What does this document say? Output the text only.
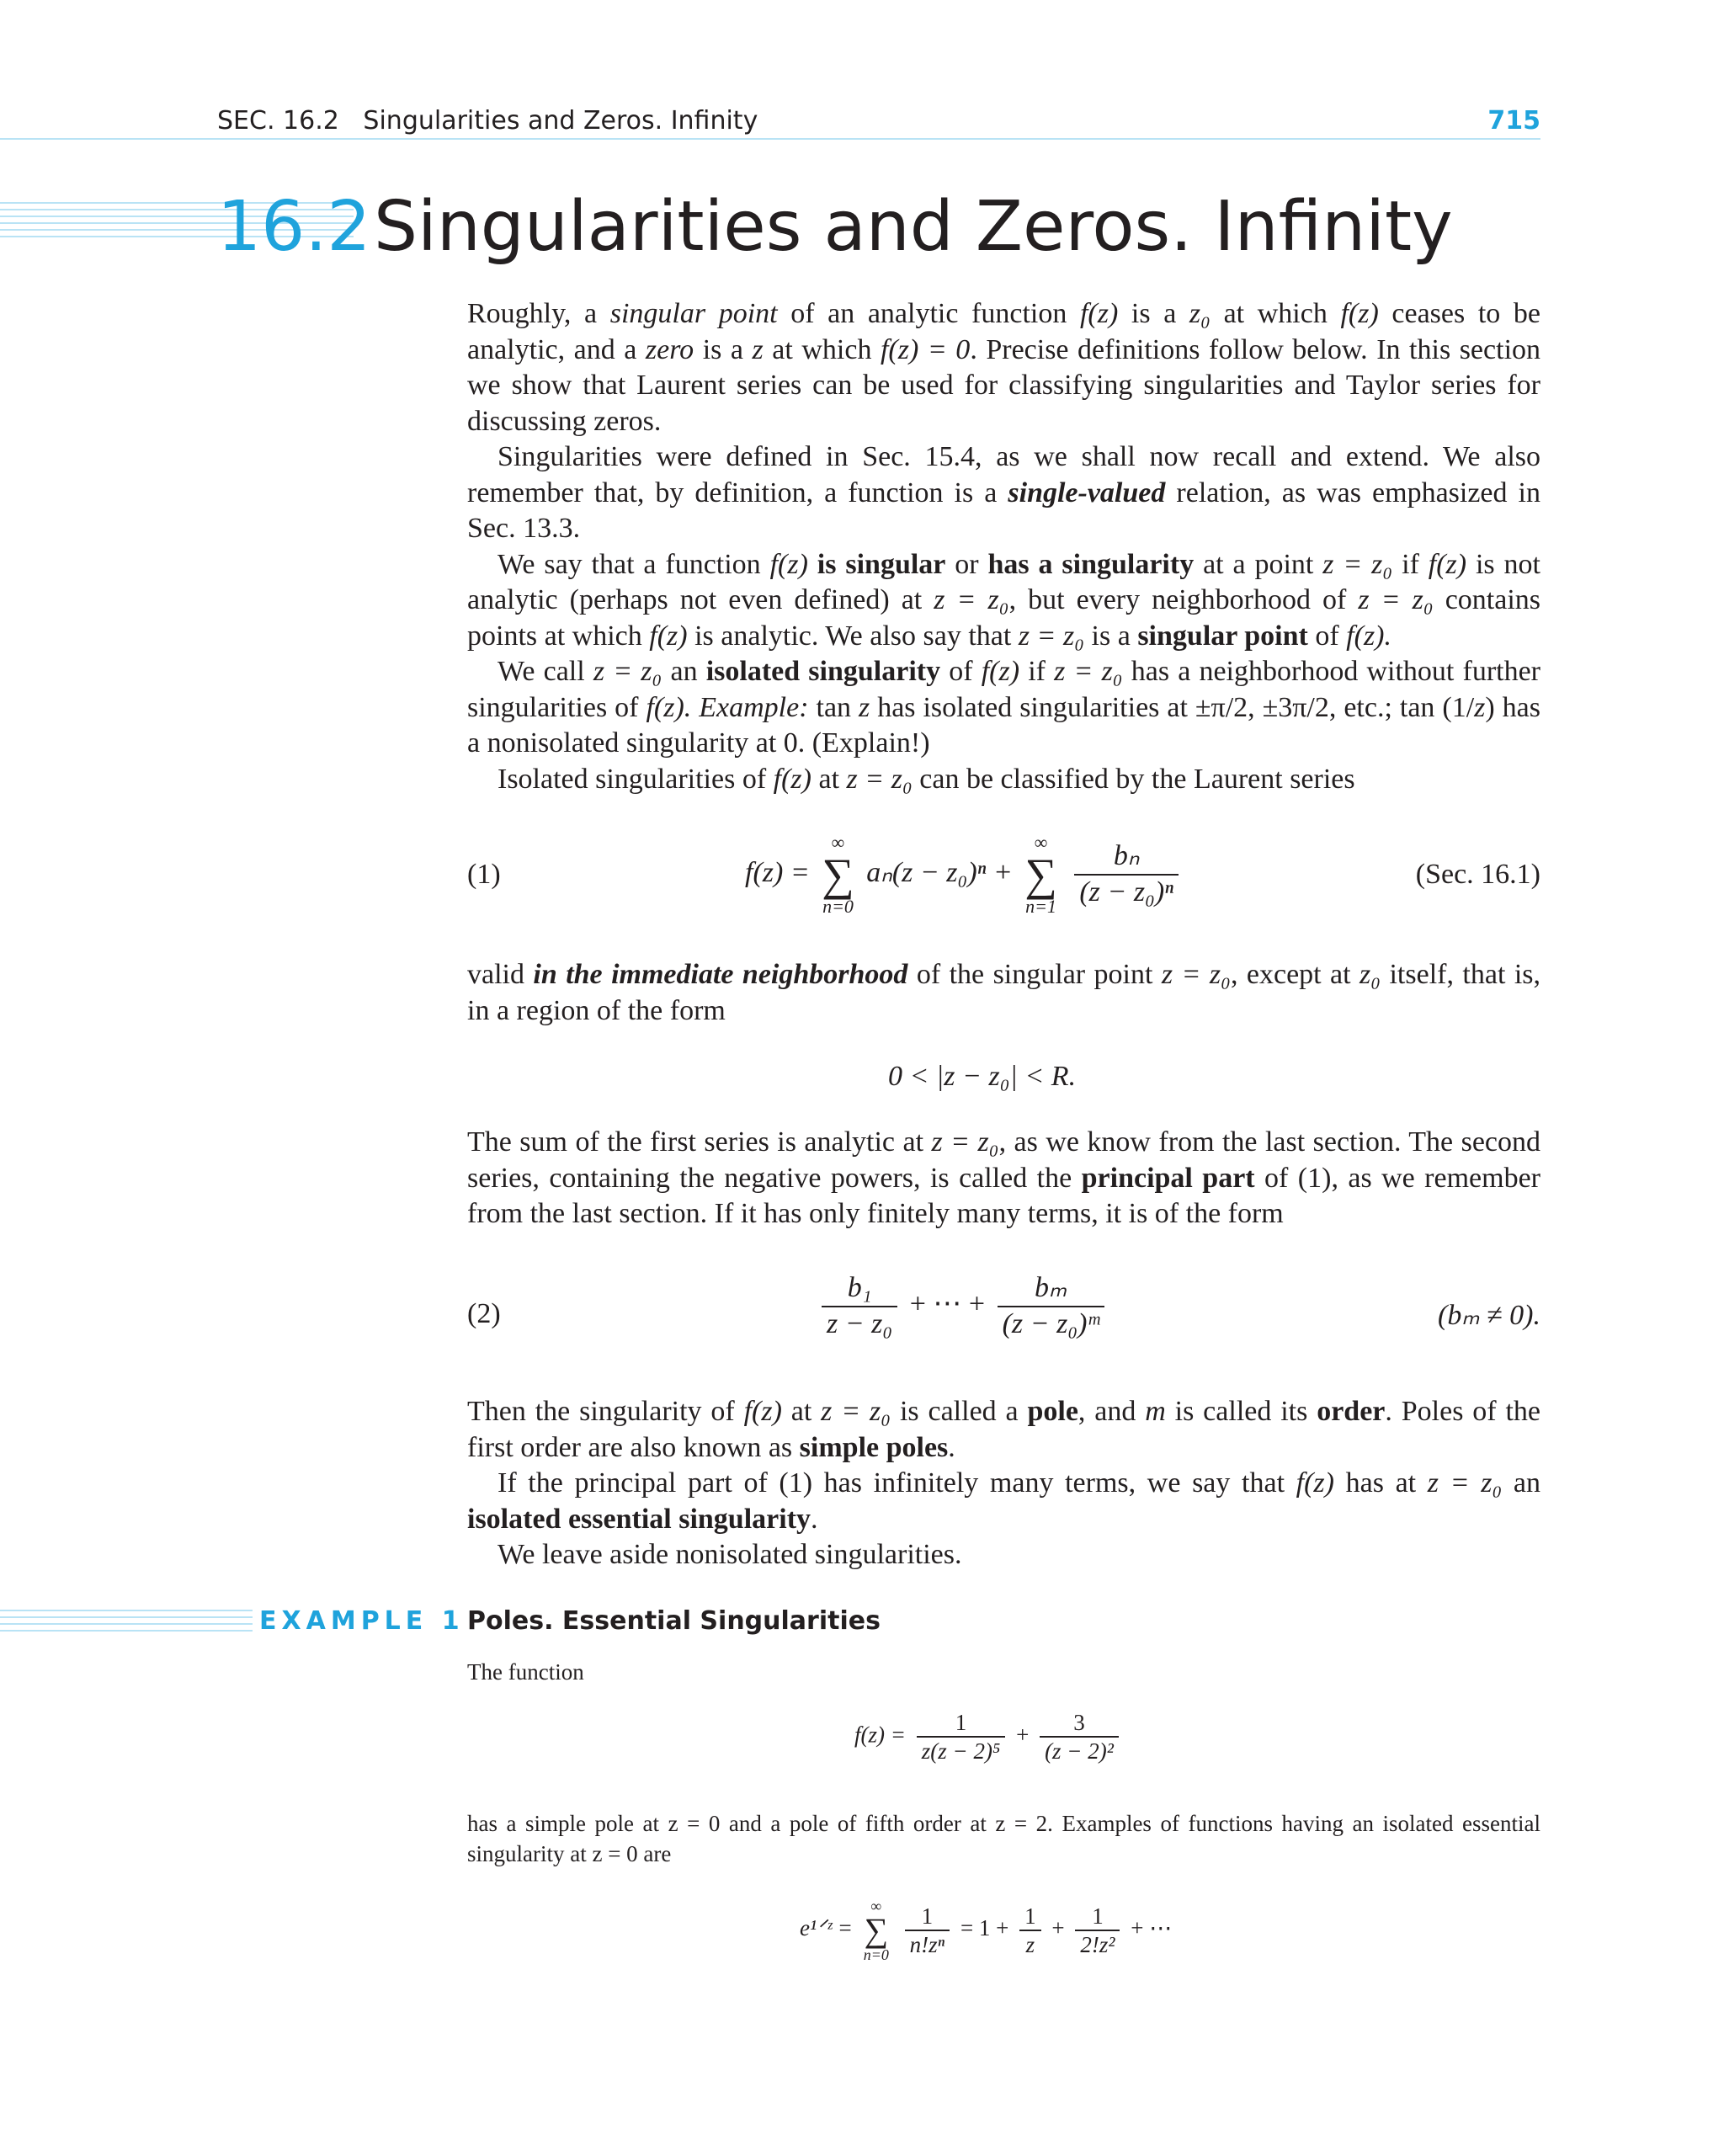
SEC. 16.2   Singularities and Zeros. Infinity	715
16.2 Singularities and Zeros. Infinity

Roughly, a singular point of an analytic function f(z) is a z₀ at which f(z) ceases to be analytic, and a zero is a z at which f(z) = 0. Precise definitions follow below. In this section we show that Laurent series can be used for classifying singularities and Taylor series for discussing zeros.

Singularities were defined in Sec. 15.4, as we shall now recall and extend. We also remember that, by definition, a function is a single-valued relation, as was emphasized in Sec. 13.3.

We say that a function f(z) is singular or has a singularity at a point z = z₀ if f(z) is not analytic (perhaps not even defined) at z = z₀, but every neighborhood of z = z₀ contains points at which f(z) is analytic. We also say that z = z₀ is a singular point of f(z).

We call z = z₀ an isolated singularity of f(z) if z = z₀ has a neighborhood without further singularities of f(z). Example: tan z has isolated singularities at ±π/2, ±3π/2, etc.; tan (1/z) has a nonisolated singularity at 0. (Explain!)

Isolated singularities of f(z) at z = z₀ can be classified by the Laurent series

(1)	f(z) =
∞
∑
n=0
aₙ(z − z₀)ⁿ +
∞
∑
n=1
$\frac{\text{bₙ}}{\text{(z − z₀)ⁿ}}$	(Sec. 16.1)

valid in the immediate neighborhood of the singular point z = z₀, except at z₀ itself, that is, in a region of the form

0 < |z − z₀| < R.

The sum of the first series is analytic at z = z₀, as we know from the last section. The second series, containing the negative powers, is called the principal part of (1), as we remember from the last section. If it has only finitely many terms, it is of the form

(2)	$\frac{\text{b₁}}{\text{z − z₀}}$ + ⋯ + $\frac{\text{bₘ}}{\text{(z − z₀)ᵐ}}$	(bₘ ≠ 0).

Then the singularity of f(z) at z = z₀ is called a pole, and m is called its order. Poles of the first order are also known as simple poles.

If the principal part of (1) has infinitely many terms, we say that f(z) has at z = z₀ an isolated essential singularity.

We leave aside nonisolated singularities.

EXAMPLE 1 Poles. Essential Singularities

The function

$f(z) = \frac{1}{\text{z(z − 2)⁵}} + \frac{3}{\text{(z − 2)²}}$

has a simple pole at z = 0 and a pole of fifth order at z = 2. Examples of functions having an isolated essential singularity at z = 0 are

e¹ᐟᶻ =
∞
∑
n=0
$\frac{1}{\text{n!zⁿ}} = 1 + \frac{1}{z} + \frac{1}{\text{2!z²}}$ + ⋯
